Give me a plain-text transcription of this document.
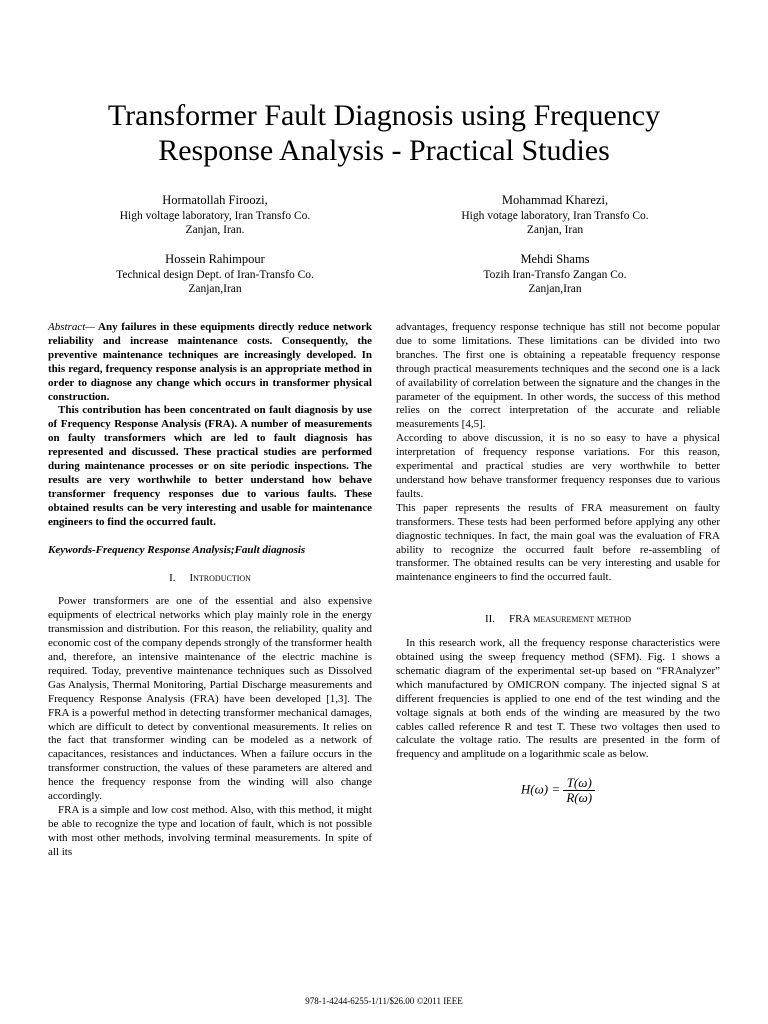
Transformer Fault Diagnosis using Frequency Response Analysis - Practical Studies
Hormatollah Firoozi,
High voltage laboratory, Iran Transfo Co.
Zanjan, Iran.
Mohammad Kharezi,
High votage laboratory, Iran Transfo Co.
Zanjan, Iran
Hossein Rahimpour
Technical design Dept. of Iran-Transfo Co.
Zanjan,Iran
Mehdi Shams
Tozih Iran-Transfo Zangan Co.
Zanjan,Iran

Abstract— Any failures in these equipments directly reduce network reliability and increase maintenance costs. Consequently, the preventive maintenance techniques are increasingly developed. In this regard, frequency response analysis is an appropriate method in order to diagnose any change which occurs in transformer physical construction.

This contribution has been concentrated on fault diagnosis by use of Frequency Response Analysis (FRA). A number of measurements on faulty transformers which are led to fault diagnosis has represented and discussed. These practical studies are performed during maintenance processes or on site periodic inspections. The results are very worthwhile to better understand how behave transformer frequency responses due to various faults. These obtained results can be very interesting and usable for maintenance engineers to find the occurred fault.

Keywords-Frequency Response Analysis;Fault diagnosis

I. Introduction

Power transformers are one of the essential and also expensive equipments of electrical networks which play mainly role in the energy transmission and distribution. For this reason, the reliability, quality and economic cost of the company depends strongly of the transformer health and, therefore, an intensive maintenance of the electric machine is required. Today, preventive maintenance techniques such as Dissolved Gas Analysis, Thermal Monitoring, Partial Discharge measurements and Frequency Response Analysis (FRA) have been developed [1,3]. The FRA is a powerful method in detecting transformer mechanical damages, which are difficult to detect by conventional measurements. It relies on the fact that transformer winding can be modeled as a network of capacitances, resistances and inductances. When a failure occurs in the transformer construction, the values of these parameters are altered and hence the frequency response from the winding will also change accordingly.

FRA is a simple and low cost method. Also, with this method, it might be able to recognize the type and location of fault, which is not possible with most other methods, involving terminal measurements. In spite of all its

advantages, frequency response technique has still not become popular due to some limitations. These limitations can be divided into two branches. The first one is obtaining a repeatable frequency response through practical measurements techniques and the second one is a lack of availability of correlation between the signature and the changes in the parameter of the equipment. In other words, the success of this method relies on the correct interpretation of the accurate and reliable measurements [4,5].

According to above discussion, it is no so easy to have a physical interpretation of frequency response variations. For this reason, experimental and practical studies are very worthwhile to better understand how behave transformer frequency responses due to various faults.

This paper represents the results of FRA measurement on faulty transformers. These tests had been performed before applying any other diagnostic techniques. In fact, the main goal was the evaluation of FRA ability to recognize the occurred fault before re-assembling of transformer. The obtained results can be very interesting and usable for maintenance engineers to find the occurred fault.

II. FRA measurement method

In this research work, all the frequency response characteristics were obtained using the sweep frequency method (SFM). Fig. 1 shows a schematic diagram of the experimental set-up based on “FRAnalyzer” which manufactured by OMICRON company. The injected signal S at different frequencies is applied to one end of the test winding and the voltage signals at both ends of the winding are measured by the two cables called reference R and test T. These two voltages then used to calculate the voltage ratio. The results are presented in the form of frequency and amplitude on a logarithmic scale as below.

$H(\omega) = \frac{T(\omega)}{R(\omega)}$

978-1-4244-6255-1/11/$26.00 ©2011 IEEE
